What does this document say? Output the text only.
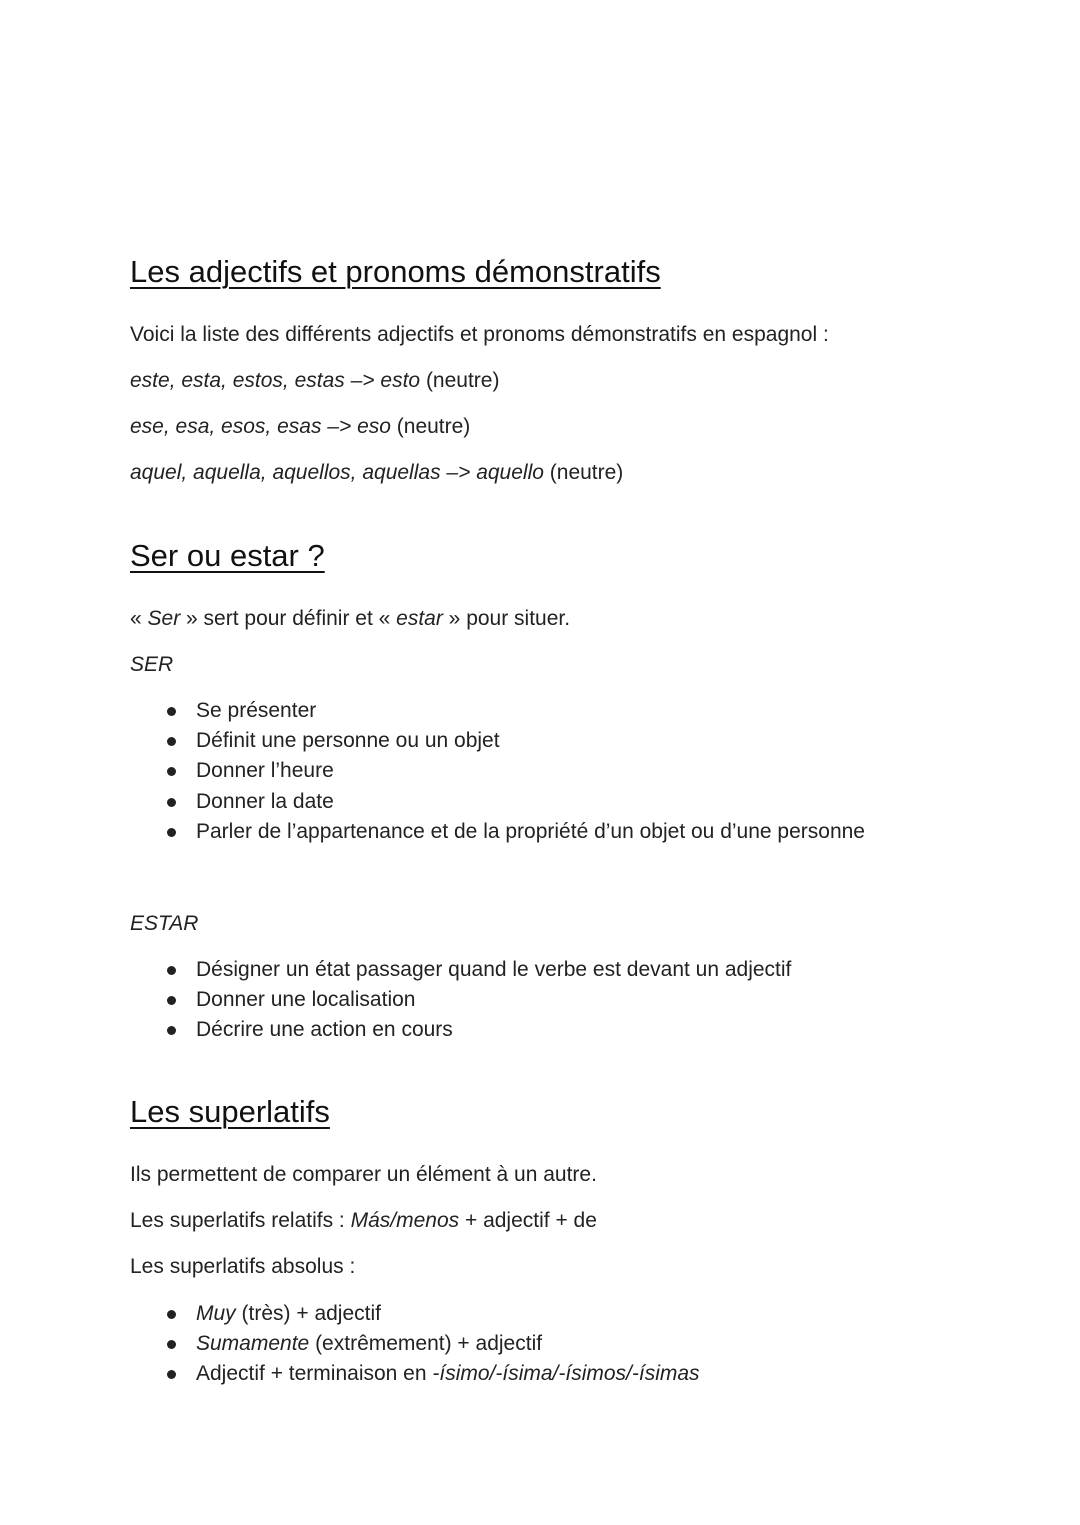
Les adjectifs et pronoms démonstratifs

Voici la liste des différents adjectifs et pronoms démonstratifs en espagnol :

este, esta, estos, estas –> esto (neutre)

ese, esa, esos, esas –> eso (neutre)

aquel, aquella, aquellos, aquellas –> aquello (neutre)

Ser ou estar ?

« Ser » sert pour définir et « estar » pour situer.

SER

Se présenter
Définit une personne ou un objet
Donner l’heure
Donner la date
Parler de l’appartenance et de la propriété d’un objet ou d’une personne

ESTAR

Désigner un état passager quand le verbe est devant un adjectif
Donner une localisation
Décrire une action en cours
Les superlatifs

Ils permettent de comparer un élément à un autre.

Les superlatifs relatifs : Más/menos + adjectif + de

Les superlatifs absolus :

Muy (très) + adjectif
Sumamente (extrêmement) + adjectif
Adjectif + terminaison en -ísimo/-ísima/-ísimos/-ísimas
